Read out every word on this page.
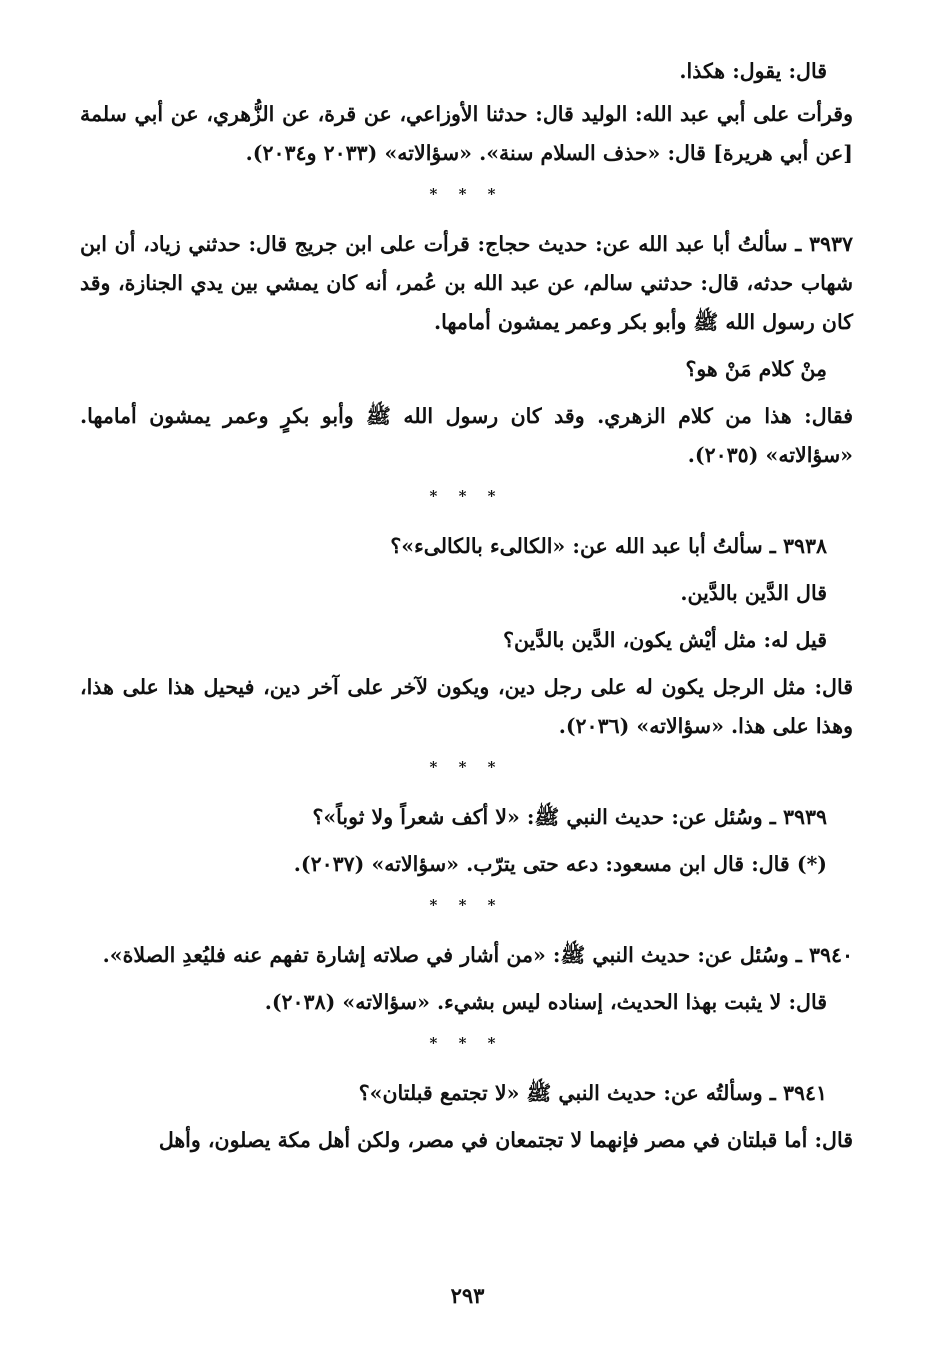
قال: يقول: هكذا.

وقرأت على أبي عبد الله: الوليد قال: حدثنا الأوزاعي، عن قرة، عن الزُّهري، عن أبي سلمة [عن أبي هريرة] قال: «حذف السلام سنة». «سؤالاته» (٢٠٣٣ و٢٠٣٤).

* * *

٣٩٣٧ ـ سألتُ أبا عبد الله عن: حديث حجاج: قرأت على ابن جريج قال: حدثني زياد، أن ابن شهاب حدثه، قال: حدثني سالم، عن عبد الله بن عُمر، أنه كان يمشي بين يدي الجنازة، وقد كان رسول الله ﷺ وأبو بكر وعمر يمشون أمامها.

مِنْ كلام مَنْ هو؟

فقال: هذا من كلام الزهري. وقد كان رسول الله ﷺ وأبو بكرٍ وعمر يمشون أمامها. «سؤالاته» (٢٠٣٥).

* * *

٣٩٣٨ ـ سألتُ أبا عبد الله عن: «الكالىء بالكالىء»؟

قال الدَّين بالدَّين.

قيل له: مثل أيْش يكون، الدَّين بالدَّين؟

قال: مثل الرجل يكون له على رجل دين، ويكون لآخر على آخر دين، فيحيل هذا على هذا، وهذا على هذا. «سؤالاته» (٢٠٣٦).

* * *

٣٩٣٩ ـ وسُئل عن: حديث النبي ﷺ: «لا أكف شعراً ولا ثوباً»؟

(*) قال: قال ابن مسعود: دعه حتى يترّب. «سؤالاته» (٢٠٣٧).

* * *

٣٩٤٠ ـ وسُئل عن: حديث النبي ﷺ: «من أشار في صلاته إشارة تفهم عنه فليُعدِ الصلاة».

قال: لا يثبت بهذا الحديث، إسناده ليس بشيء. «سؤالاته» (٢٠٣٨).

* * *

٣٩٤١ ـ وسألتُه عن: حديث النبي ﷺ «لا تجتمع قبلتان»؟

قال: أما قبلتان في مصر فإنهما لا تجتمعان في مصر، ولكن أهل مكة يصلون، وأهل

٢٩٣
